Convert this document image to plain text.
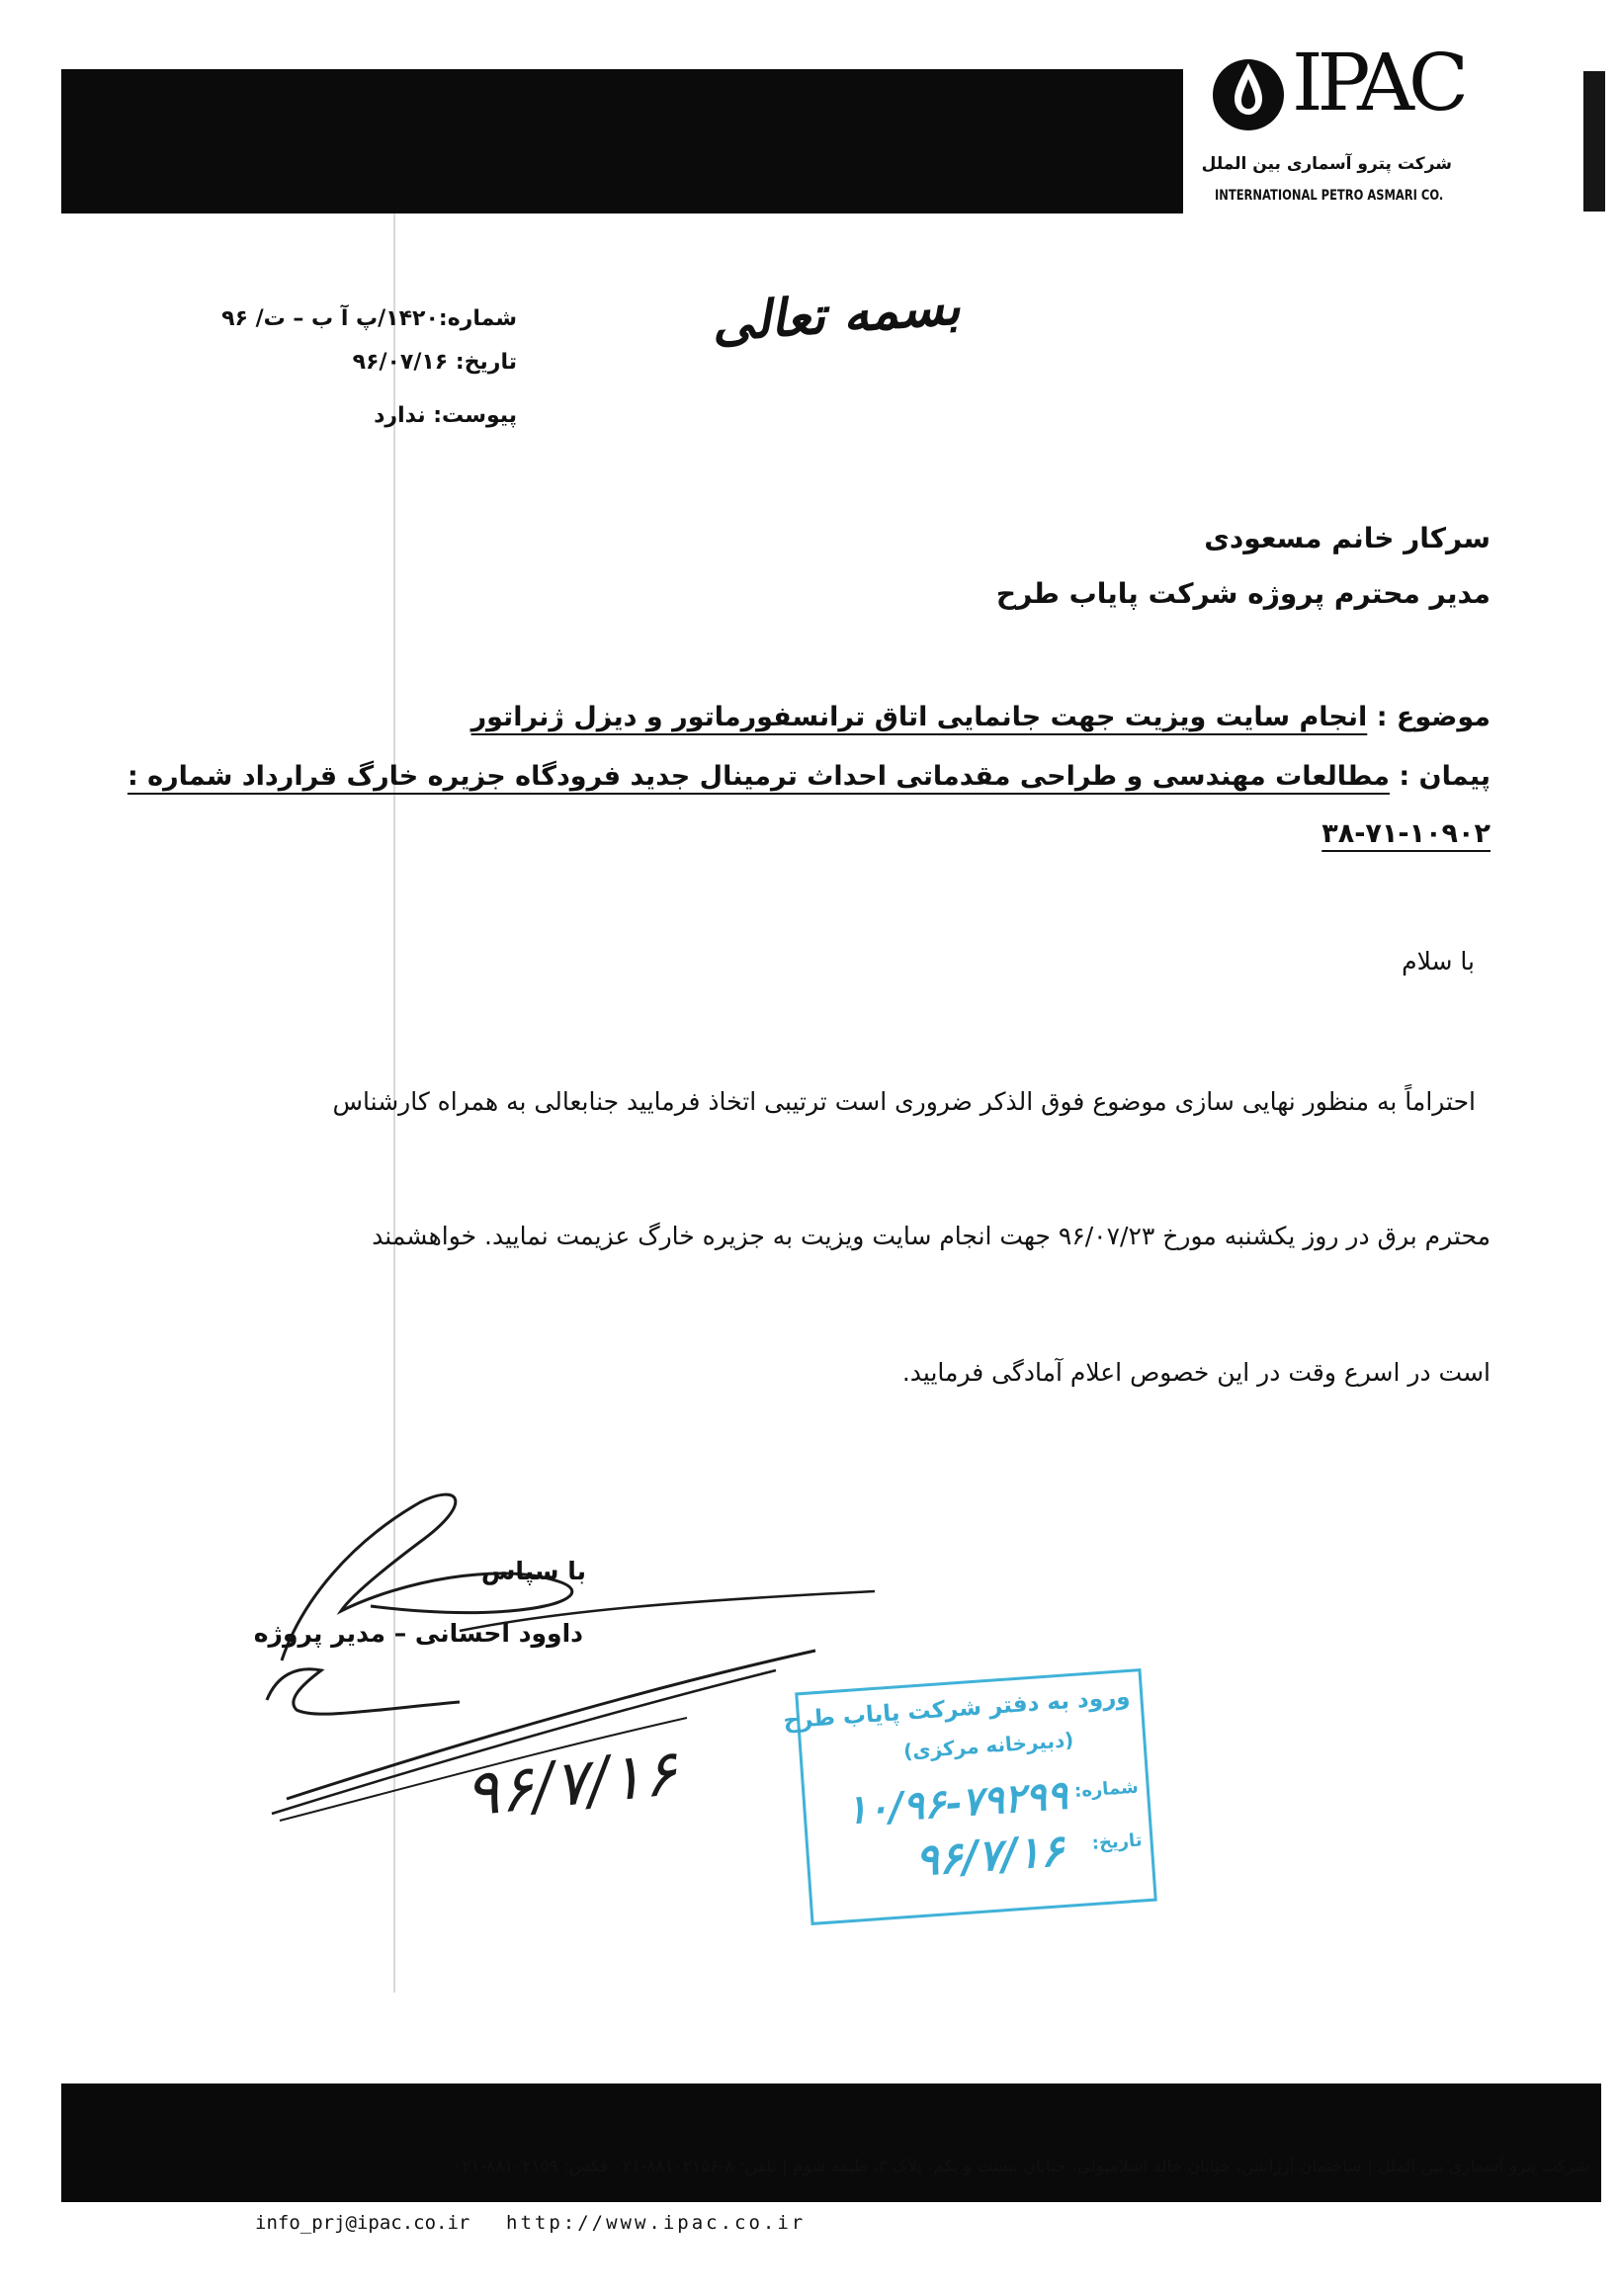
IPAC
شرکت پترو آسماری بین الملل
INTERNATIONAL PETRO ASMARI CO.
بسمه تعالی
شماره:۱۴۲۰/پ آ ب – ت/ ۹۶
تاریخ: ۹۶/۰۷/۱۶
پیوست: ندارد
سرکار خانم مسعودی
مدیر محترم پروژه شرکت پایاب طرح
موضوع : انجام سایت ویزیت جهت جانمایی اتاق ترانسفورماتور و دیزل ژنراتور
پیمان : مطالعات مهندسی و طراحی مقدماتی احداث ترمینال جدید فرودگاه جزیره خارگ قرارداد شماره :
۳۸-۷۱-۱۰۹۰۲
با سلام
احتراماً به منظور نهایی سازی موضوع فوق الذکر ضروری است ترتیبی اتخاذ فرمایید جنابعالی به همراه کارشناس
محترم برق در روز یکشنبه مورخ ۹۶/۰۷/۲۳ جهت انجام سایت ویزیت به جزیره خارگ عزیمت نمایید. خواهشمند
است در اسرع وقت در این خصوص اعلام آمادگی فرمایید.
با سپاس
داوود احسانی – مدیر پروژه
۹۶/۷/۱۶
ورود به دفتر شرکت پایاب طرح
(دبیرخانه مرکزی)
شماره:
۱۰/۹۶-۷۹۲۹۹
تاریخ:
۹۶/۷/۱۶
شرکت پترو آسماری بین الملل | ساختمان آرژانتین، خیابان خالد اسلامبولی، خیابان بیست و یکم، پلاک ۳، طبقه سوم | تلفن: ۸-۸۸۱۰۲۱۵۶-۰۲۱ فکس: ۸۸۱۰۲۱۵۹-۰۲۱
info_prj@ipac.co.ir http://www.ipac.co.ir
